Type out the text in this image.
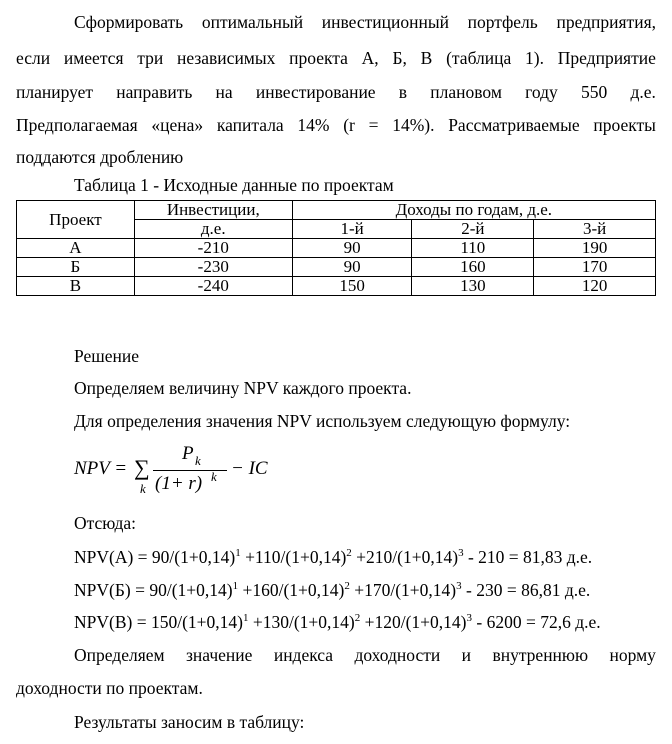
Сформировать оптимальный инвестиционный портфель предприятия,
если имеется три независимых проекта А, Б, В (таблица 1). Предприятие
планирует направить на инвестирование в плановом году 550 д.е.
Предполагаемая «цена» капитала 14% (r = 14%). Рассматриваемые проекты
поддаются дроблению
Таблица 1 - Исходные данные по проектам
Проект	Инвестиции,	Доходы по годам, д.е.		
	д.е.	1-й	2-й	3-й
А	-210	90	110	190
Б	-230	90	160	170
В	-240	150	130	120
Решение
Определяем величину NPV каждого проекта.
Для определения значения NPV используем следующую формулу:
NPV = ∑
k
P k
(1+ r) k − IC
Отсюда:
$NPV(А) = 90/(1+0,14)^1 +110/(1+0,14)^2 +210/(1+0,14)^3 - 210 = 81,83$ д.е.
$NPV(Б) = 90/(1+0,14)^1 +160/(1+0,14)^2 +170/(1+0,14)^3 - 230 = 86,81$ д.е.
$NPV(В) = 150/(1+0,14)^1 +130/(1+0,14)^2 +120/(1+0,14)^3 - 6200 = 72,6$ д.е.
Определяем значение индекса доходности и внутреннюю норму
доходности по проектам.
Результаты заносим в таблицу:
